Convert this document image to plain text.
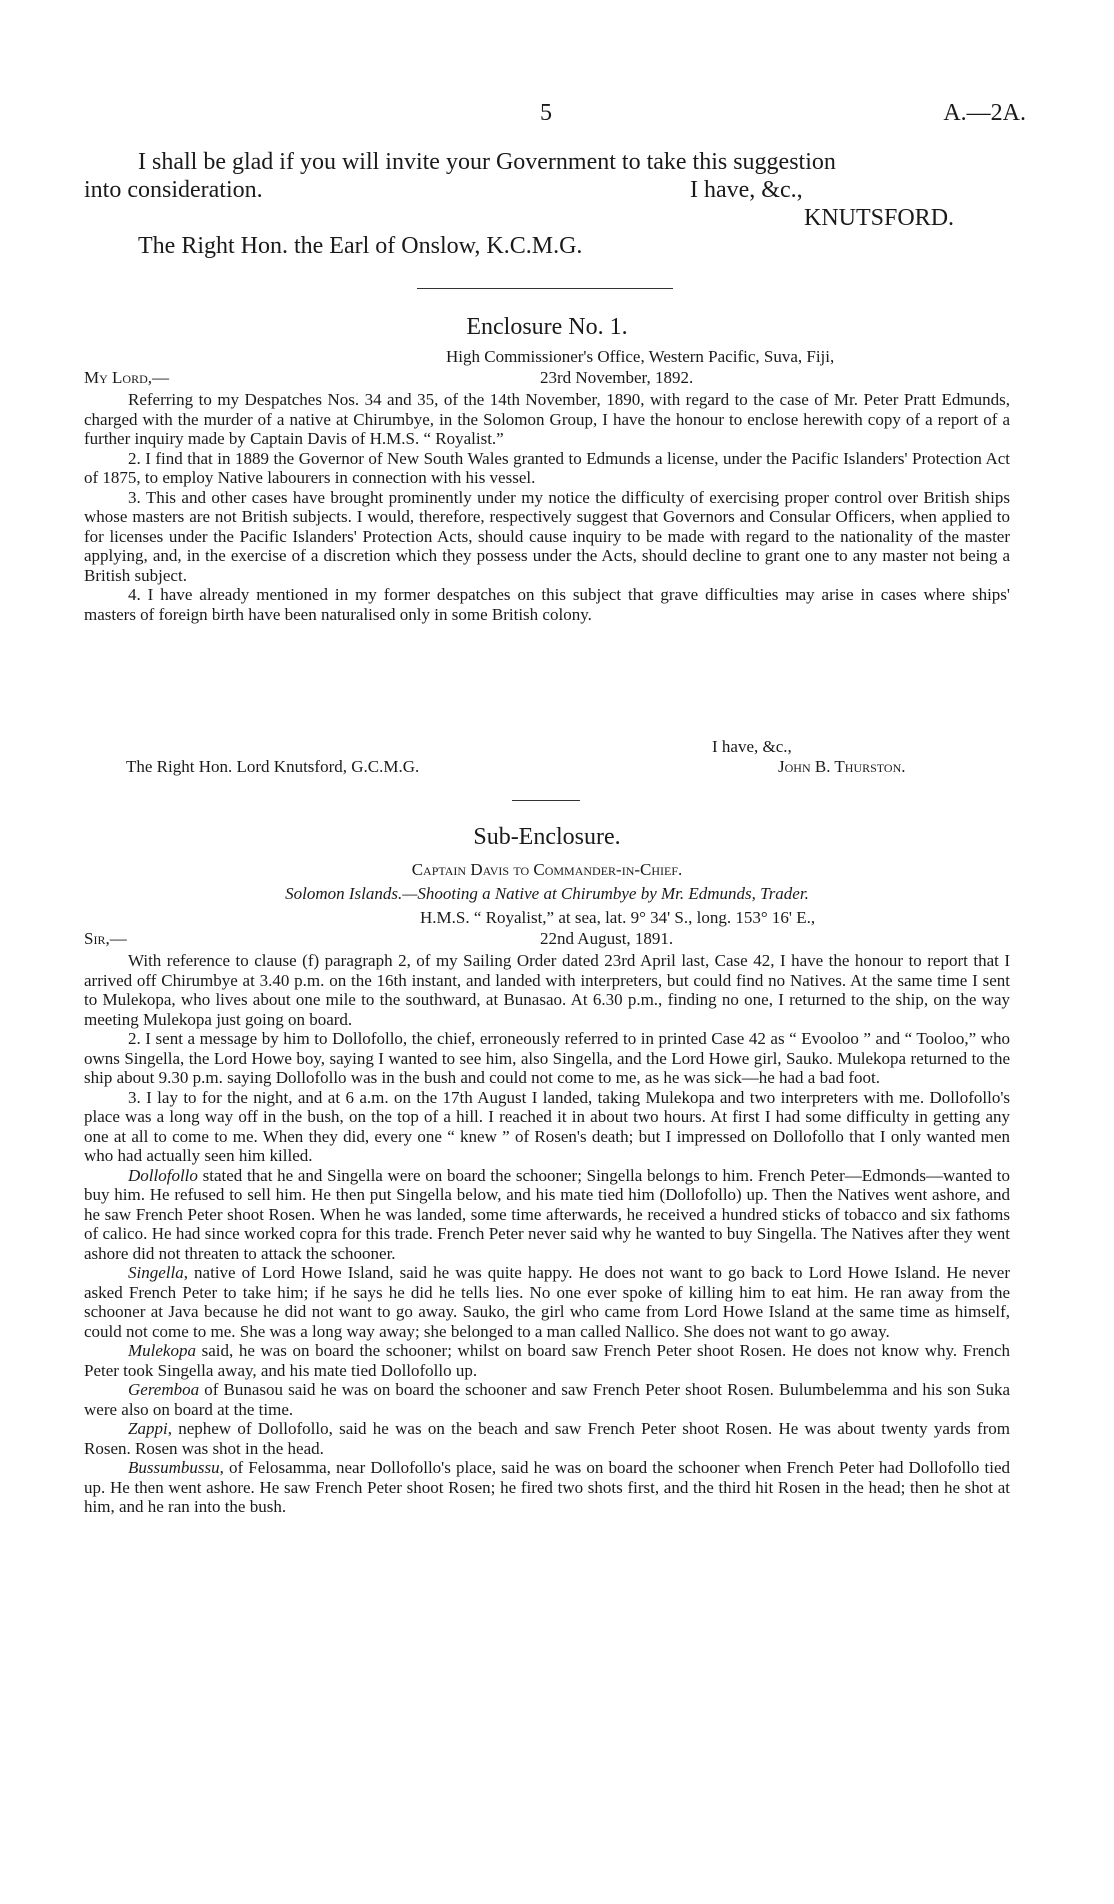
5	A.—2A.
I shall be glad if you will invite your Government to take this suggestion
into consideration.	I have, &c.,
KNUTSFORD.
The Right Hon. the Earl of Onslow, K.C.M.G.
Enclosure No. 1.
High Commissioner's Office, Western Pacific, Suva, Fiji,
My Lord,—	23rd November, 1892.

Referring to my Despatches Nos. 34 and 35, of the 14th November, 1890, with regard to the case of Mr. Peter Pratt Edmunds, charged with the murder of a native at Chirumbye, in the Solomon Group, I have the honour to enclose herewith copy of a report of a further inquiry made by Captain Davis of H.M.S. “ Royalist.”

2. I find that in 1889 the Governor of New South Wales granted to Edmunds a license, under the Pacific Islanders' Protection Act of 1875, to employ Native labourers in connection with his vessel.

3. This and other cases have brought prominently under my notice the difficulty of exercising proper control over British ships whose masters are not British subjects. I would, therefore, respectively suggest that Governors and Consular Officers, when applied to for licenses under the Pacific Islanders' Protection Acts, should cause inquiry to be made with regard to the nationality of the master applying, and, in the exercise of a discretion which they possess under the Acts, should decline to grant one to any master not being a British subject.

4. I have already mentioned in my former despatches on this subject that grave difficulties may arise in cases where ships' masters of foreign birth have been naturalised only in some British colony.

I have, &c.,
The Right Hon. Lord Knutsford, G.C.M.G.	John B. Thurston.
Sub-Enclosure.
Captain Davis to Commander-in-Chief.
Solomon Islands.—Shooting a Native at Chirumbye by Mr. Edmunds, Trader.
H.M.S. “ Royalist,” at sea, lat. 9° 34' S., long. 153° 16' E.,
Sir,—	22nd August, 1891.

With reference to clause (f) paragraph 2, of my Sailing Order dated 23rd April last, Case 42, I have the honour to report that I arrived off Chirumbye at 3.40 p.m. on the 16th instant, and landed with interpreters, but could find no Natives. At the same time I sent to Mulekopa, who lives about one mile to the southward, at Bunasao. At 6.30 p.m., finding no one, I returned to the ship, on the way meeting Mulekopa just going on board.

2. I sent a message by him to Dollofollo, the chief, erroneously referred to in printed Case 42 as “ Evooloo ” and “ Tooloo,” who owns Singella, the Lord Howe boy, saying I wanted to see him, also Singella, and the Lord Howe girl, Sauko. Mulekopa returned to the ship about 9.30 p.m. saying Dollofollo was in the bush and could not come to me, as he was sick—he had a bad foot.

3. I lay to for the night, and at 6 a.m. on the 17th August I landed, taking Mulekopa and two interpreters with me. Dollofollo's place was a long way off in the bush, on the top of a hill. I reached it in about two hours. At first I had some difficulty in getting any one at all to come to me. When they did, every one “ knew ” of Rosen's death; but I impressed on Dollofollo that I only wanted men who had actually seen him killed.

Dollofollo stated that he and Singella were on board the schooner; Singella belongs to him. French Peter—Edmonds—wanted to buy him. He refused to sell him. He then put Singella below, and his mate tied him (Dollofollo) up. Then the Natives went ashore, and he saw French Peter shoot Rosen. When he was landed, some time afterwards, he received a hundred sticks of tobacco and six fathoms of calico. He had since worked copra for this trade. French Peter never said why he wanted to buy Singella. The Natives after they went ashore did not threaten to attack the schooner.

Singella, native of Lord Howe Island, said he was quite happy. He does not want to go back to Lord Howe Island. He never asked French Peter to take him; if he says he did he tells lies. No one ever spoke of killing him to eat him. He ran away from the schooner at Java because he did not want to go away. Sauko, the girl who came from Lord Howe Island at the same time as himself, could not come to me. She was a long way away; she belonged to a man called Nallico. She does not want to go away.

Mulekopa said, he was on board the schooner; whilst on board saw French Peter shoot Rosen. He does not know why. French Peter took Singella away, and his mate tied Dollofollo up.

Geremboa of Bunasou said he was on board the schooner and saw French Peter shoot Rosen. Bulumbelemma and his son Suka were also on board at the time.

Zappi, nephew of Dollofollo, said he was on the beach and saw French Peter shoot Rosen. He was about twenty yards from Rosen. Rosen was shot in the head.

Bussumbussu, of Felosamma, near Dollofollo's place, said he was on board the schooner when French Peter had Dollofollo tied up. He then went ashore. He saw French Peter shoot Rosen; he fired two shots first, and the third hit Rosen in the head; then he shot at him, and he ran into the bush.
